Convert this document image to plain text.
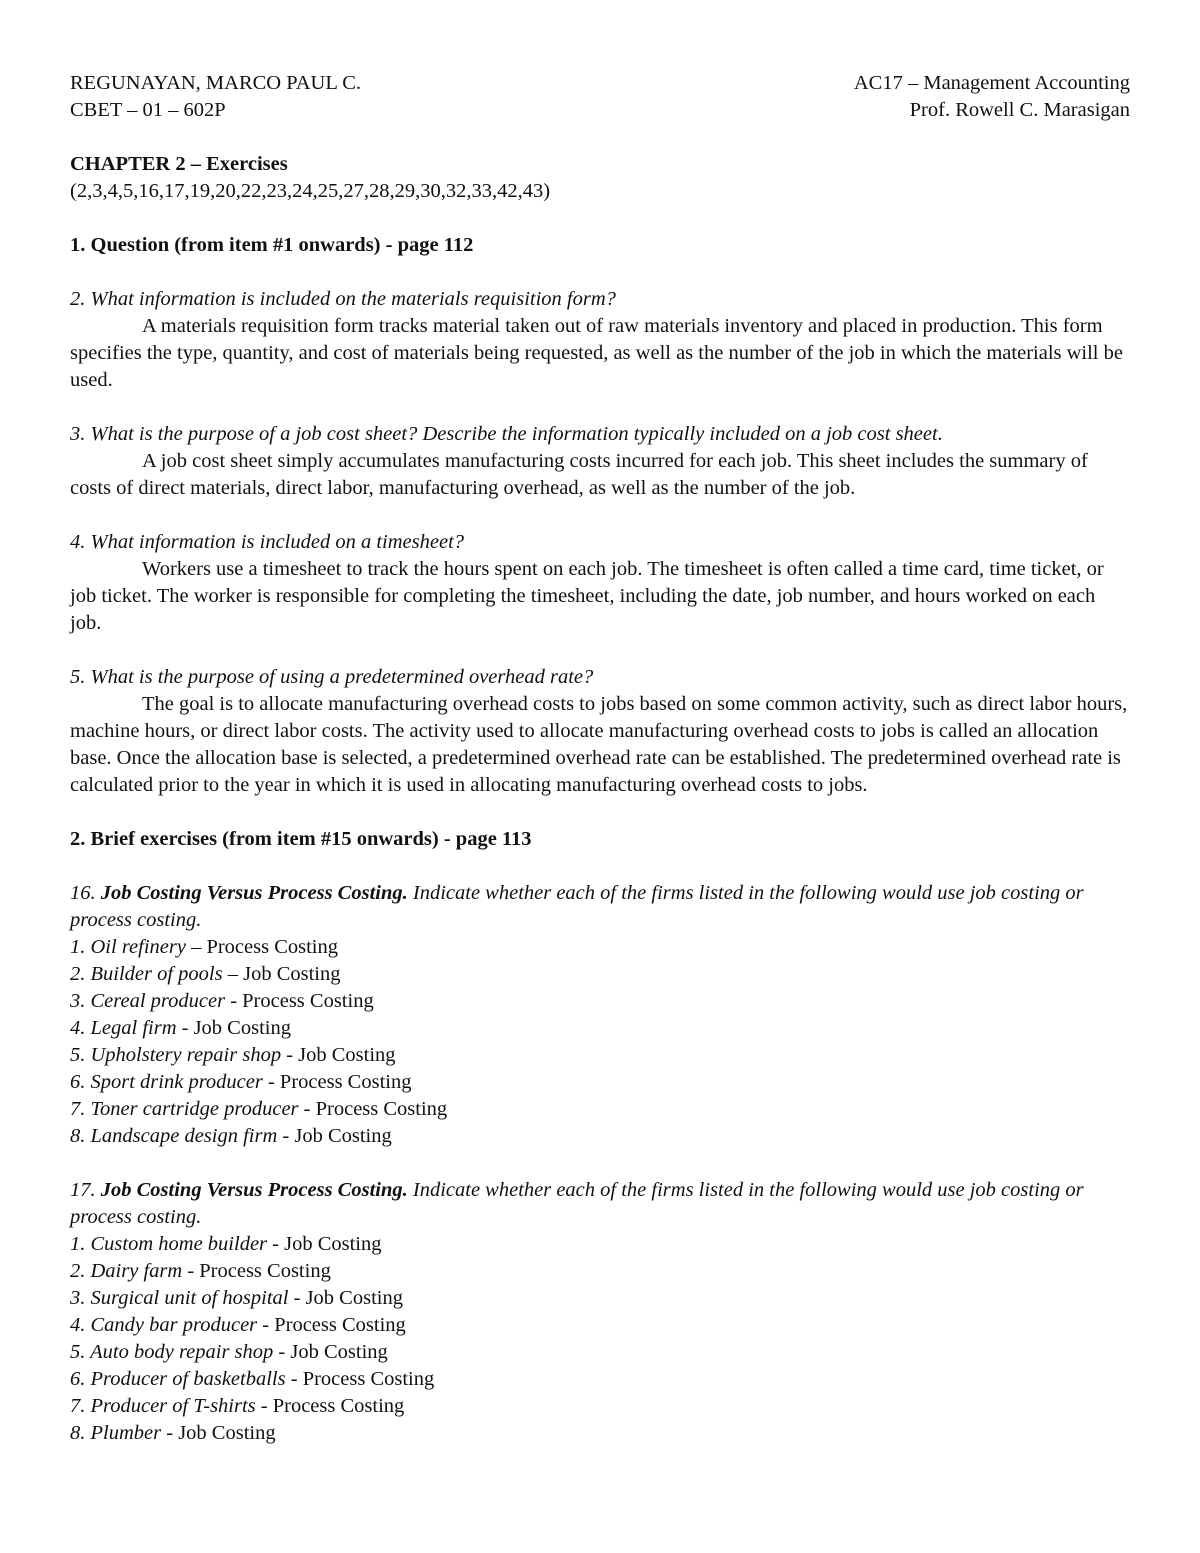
REGUNAYAN, MARCO PAUL C.	AC17 – Management Accounting
CBET – 01 – 602P	Prof. Rowell C. Marasigan

CHAPTER 2 – Exercises

(2,3,4,5,16,17,19,20,22,23,24,25,27,28,29,30,32,33,42,43)

1. Question (from item #1 onwards) - page 112

2. What information is included on the materials requisition form?

A materials requisition form tracks material taken out of raw materials inventory and placed in production. This form specifies the type, quantity, and cost of materials being requested, as well as the number of the job in which the materials will be used.

3. What is the purpose of a job cost sheet? Describe the information typically included on a job cost sheet.

A job cost sheet simply accumulates manufacturing costs incurred for each job. This sheet includes the summary of costs of direct materials, direct labor, manufacturing overhead, as well as the number of the job.

4. What information is included on a timesheet?

Workers use a timesheet to track the hours spent on each job. The timesheet is often called a time card, time ticket, or job ticket. The worker is responsible for completing the timesheet, including the date, job number, and hours worked on each job.

5. What is the purpose of using a predetermined overhead rate?

The goal is to allocate manufacturing overhead costs to jobs based on some common activity, such as direct labor hours, machine hours, or direct labor costs. The activity used to allocate manufacturing overhead costs to jobs is called an allocation base. Once the allocation base is selected, a predetermined overhead rate can be established. The predetermined overhead rate is calculated prior to the year in which it is used in allocating manufacturing overhead costs to jobs.

2. Brief exercises (from item #15 onwards) - page 113

16. Job Costing Versus Process Costing. Indicate whether each of the firms listed in the following would use job costing or process costing.

1. Oil refinery – Process Costing

2. Builder of pools – Job Costing

3. Cereal producer - Process Costing

4. Legal firm - Job Costing

5. Upholstery repair shop - Job Costing

6. Sport drink producer - Process Costing

7. Toner cartridge producer - Process Costing

8. Landscape design firm - Job Costing

17. Job Costing Versus Process Costing. Indicate whether each of the firms listed in the following would use job costing or process costing.

1. Custom home builder - Job Costing

2. Dairy farm - Process Costing

3. Surgical unit of hospital - Job Costing

4. Candy bar producer - Process Costing

5. Auto body repair shop - Job Costing

6. Producer of basketballs - Process Costing

7. Producer of T-shirts - Process Costing

8. Plumber - Job Costing
